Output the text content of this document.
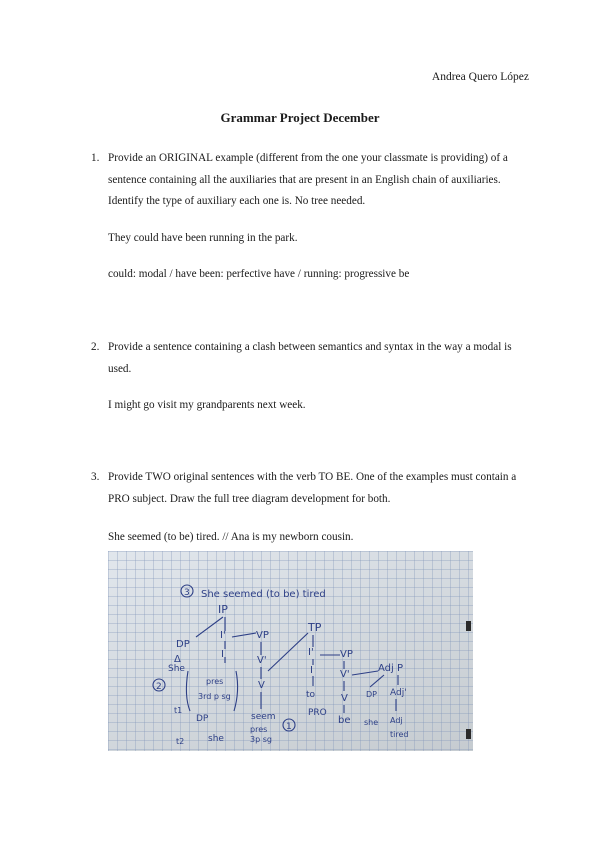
Andrea Quero López
Grammar Project December
1. Provide an ORIGINAL example (different from the one your classmate is providing) of a sentence containing all the auxiliaries that are present in an English chain of auxiliaries. Identify the type of auxiliary each one is. No tree needed.
They could have been running in the park.
could: modal / have been: perfective have / running: progressive be
2. Provide a sentence containing a clash between semantics and syntax in the way a modal is used.
I might go visit my grandparents next week.
3. Provide TWO original sentences with the verb TO BE. One of the examples must contain a PRO subject. Draw the full tree diagram development for both.
She seemed (to be) tired. // Ana is my newborn cousin.
3 She seemed (to be) tired
IP
DP
Δ
She
I'
I
VP
V'
V
pres
3rd p sg
2
DP
she
t1
t2
seem
pres
3p sg
1
TP
I'
I
to
PRO
VP
V'
V
be
Adj P
DP
she
Adj'
Adj
tired
